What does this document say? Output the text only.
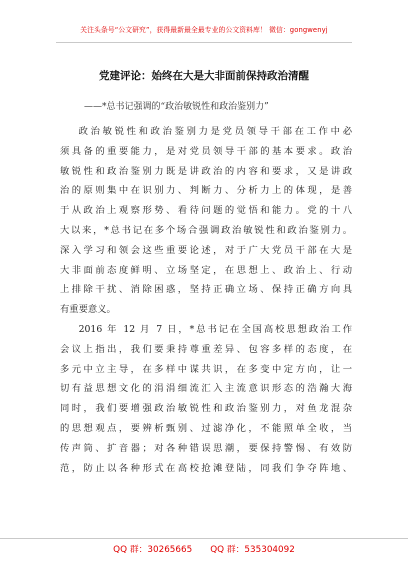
关注头条号“公文研究”，获得最新最全最专业的公文资料库！ 微信：gongwenyj
党建评论：始终在大是大非面前保持政治清醒
——*总书记强调的“政治敏锐性和政治鉴别力”
政治敏锐性和政治鉴别力是党员领导干部在工作中必
须具备的重要能力，是对党员领导干部的基本要求。政治
敏锐性和政治鉴别力既是讲政治的内容和要求，又是讲政
治的原则集中在识别力、判断力、分析力上的体现，是善
于从政治上观察形势、看待问题的觉悟和能力。党的十八
大以来，*总书记在多个场合强调政治敏锐性和政治鉴别力。
深入学习和领会这些重要论述，对于广大党员干部在大是
大非面前态度鲜明、立场坚定，在思想上、政治上、行动
上排除干扰、消除困惑，坚持正确立场、保持正确方向具
有重要意义。
2016 年 12 月 7 日，*总书记在全国高校思想政治工作
会议上指出，我们要秉持尊重差异、包容多样的态度，在
多元中立主导，在多样中谋共识，在多变中定方向，让一
切有益思想文化的涓涓细流汇入主流意识形态的浩瀚大海
同时，我们要增强政治敏锐性和政治鉴别力，对鱼龙混杂
的思想观点，要辨析甄别、过滤净化，不能照单全收，当
传声筒、扩音器；对各种错误思潮，要保持警惕、有效防
范，防止以各种形式在高校抢滩登陆，同我们争夺阵地、
QQ 群：30265665 QQ 群：535304092
